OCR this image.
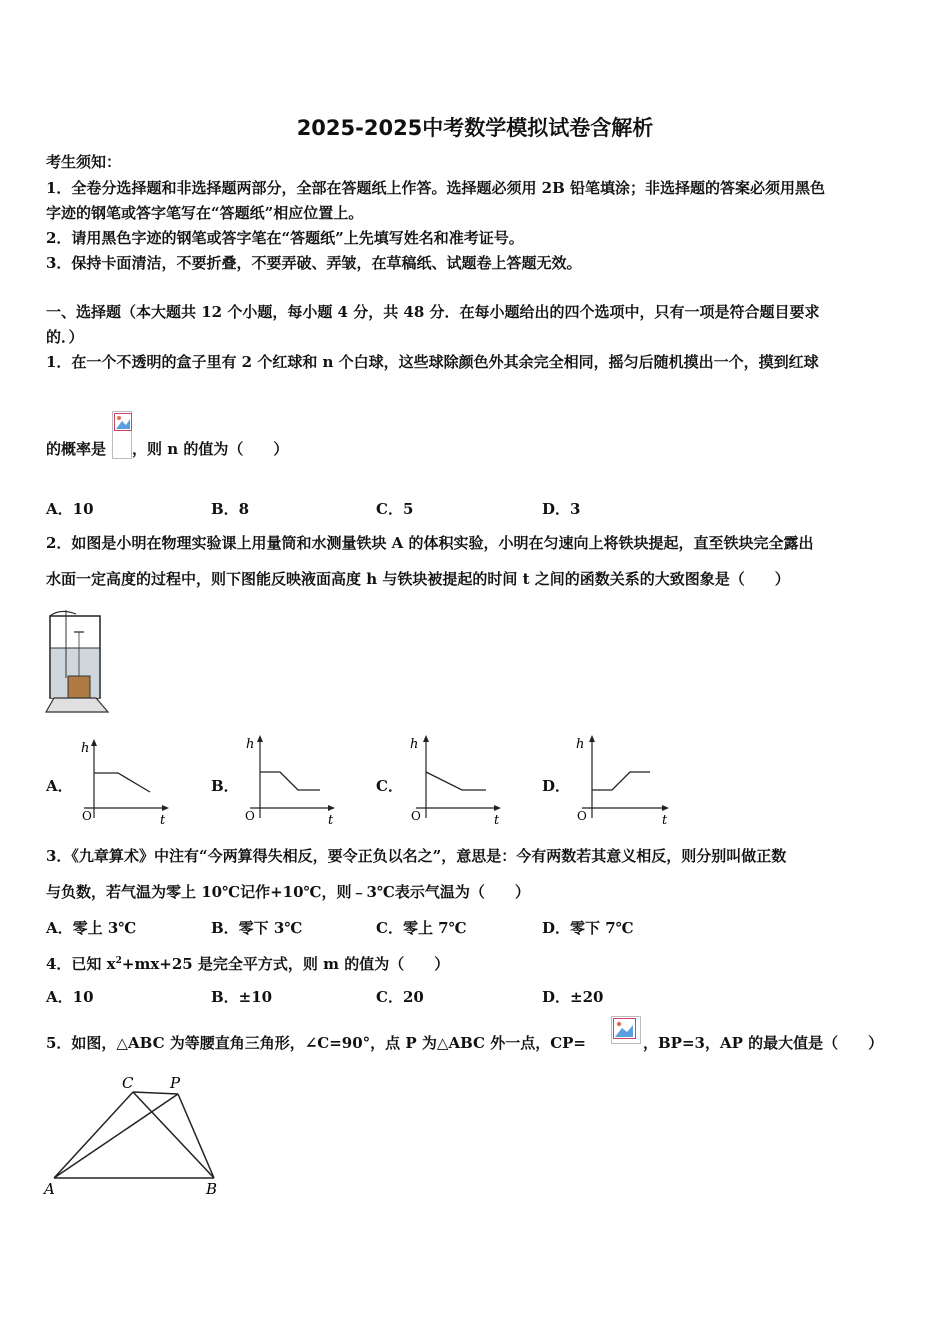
2025-2025中考数学模拟试卷含解析
考生须知：
1．全卷分选择题和非选择题两部分，全部在答题纸上作答。选择题必须用 2B 铅笔填涂；非选择题的答案必须用黑色
字迹的钢笔或答字笔写在“答题纸”相应位置上。
2．请用黑色字迹的钢笔或答字笔在“答题纸”上先填写姓名和准考证号。
3．保持卡面清洁，不要折叠，不要弄破、弄皱，在草稿纸、试题卷上答题无效。
一、选择题（本大题共 12 个小题，每小题 4 分，共 48 分．在每小题给出的四个选项中，只有一项是符合题目要求
的．）
1．在一个不透明的盒子里有 2 个红球和 n 个白球，这些球除颜色外其余完全相同，摇匀后随机摸出一个，摸到红球
的概率是 ，则 n 的值为（　　）
A．10	B．8	C．5	D．3
2．如图是小明在物理实验课上用量筒和水测量铁块 A 的体积实验，小明在匀速向上将铁块提起，直至铁块完全露出
水面一定高度的过程中，则下图能反映液面高度 h 与铁块被提起的时间 t 之间的函数关系的大致图象是（　　）
A．
h
t
O
B．
h
t
O
C．
h
t
O
D．
h
t
O
3．《九章算术》中注有“今两算得失相反，要令正负以名之”，意思是：今有两数若其意义相反，则分别叫做正数
与负数，若气温为零上 10℃记作+10℃，则﹣3℃表示气温为（　　）
A．零上 3℃	B．零下 3℃	C．零上 7℃	D．零下 7℃
4．已知 $x^2+mx+25$ 是完全平方式，则 m 的值为（　　）
A．10	B．±10	C．20	D．±20
5．如图，△ABC 为等腰直角三角形，∠C=90°，点 P 为△ABC 外一点，CP=	，BP=3，AP 的最大值是（　　）
C P
A	B
